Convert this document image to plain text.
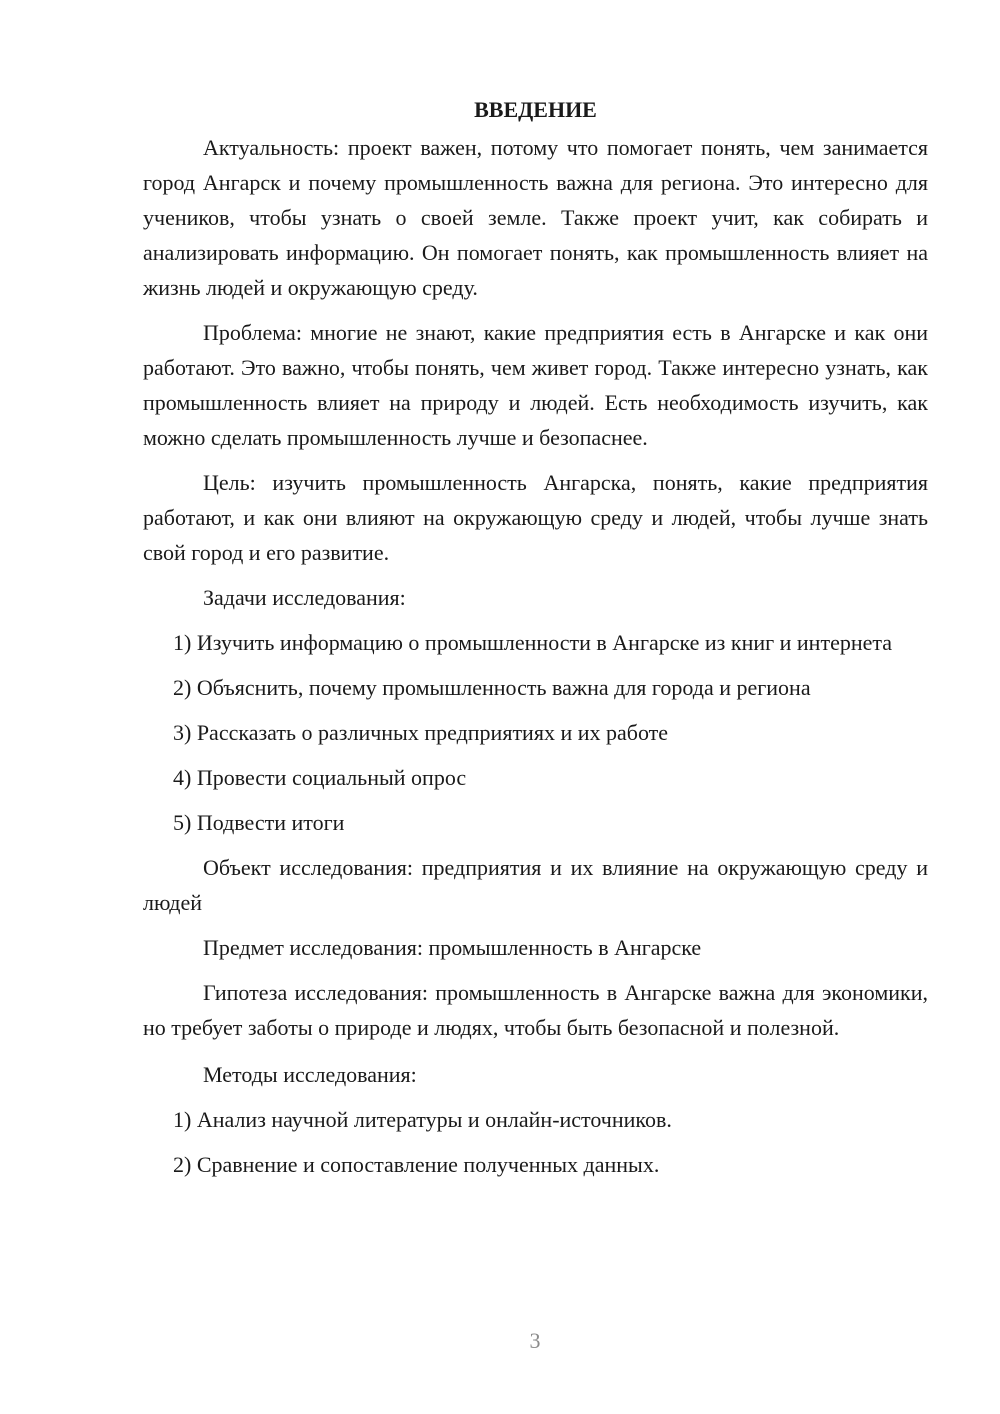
ВВЕДЕНИЕ

Актуальность: проект важен, потому что помогает понять, чем занимается город Ангарск и почему промышленность важна для региона. Это интересно для учеников, чтобы узнать о своей земле. Также проект учит, как собирать и анализировать информацию. Он помогает понять, как промышленность влияет на жизнь людей и окружающую среду.

Проблема: многие не знают, какие предприятия есть в Ангарске и как они работают. Это важно, чтобы понять, чем живет город. Также интересно узнать, как промышленность влияет на природу и людей. Есть необходимость изучить, как можно сделать промышленность лучше и безопаснее.

Цель: изучить промышленность Ангарска, понять, какие предприятия работают, и как они влияют на окружающую среду и людей, чтобы лучше знать свой город и его развитие.

Задачи исследования:

1) Изучить информацию о промышленности в Ангарске из книг и интернета

2) Объяснить, почему промышленность важна для города и региона

3) Рассказать о различных предприятиях и их работе

4) Провести социальный опрос

5) Подвести итоги

Объект исследования: предприятия и их влияние на окружающую среду и людей

Предмет исследования: промышленность в Ангарске

Гипотеза исследования: промышленность в Ангарске важна для экономики, но требует заботы о природе и людях, чтобы быть безопасной и полезной.

Методы исследования:

1) Анализ научной литературы и онлайн-источников.

2) Сравнение и сопоставление полученных данных.

3
